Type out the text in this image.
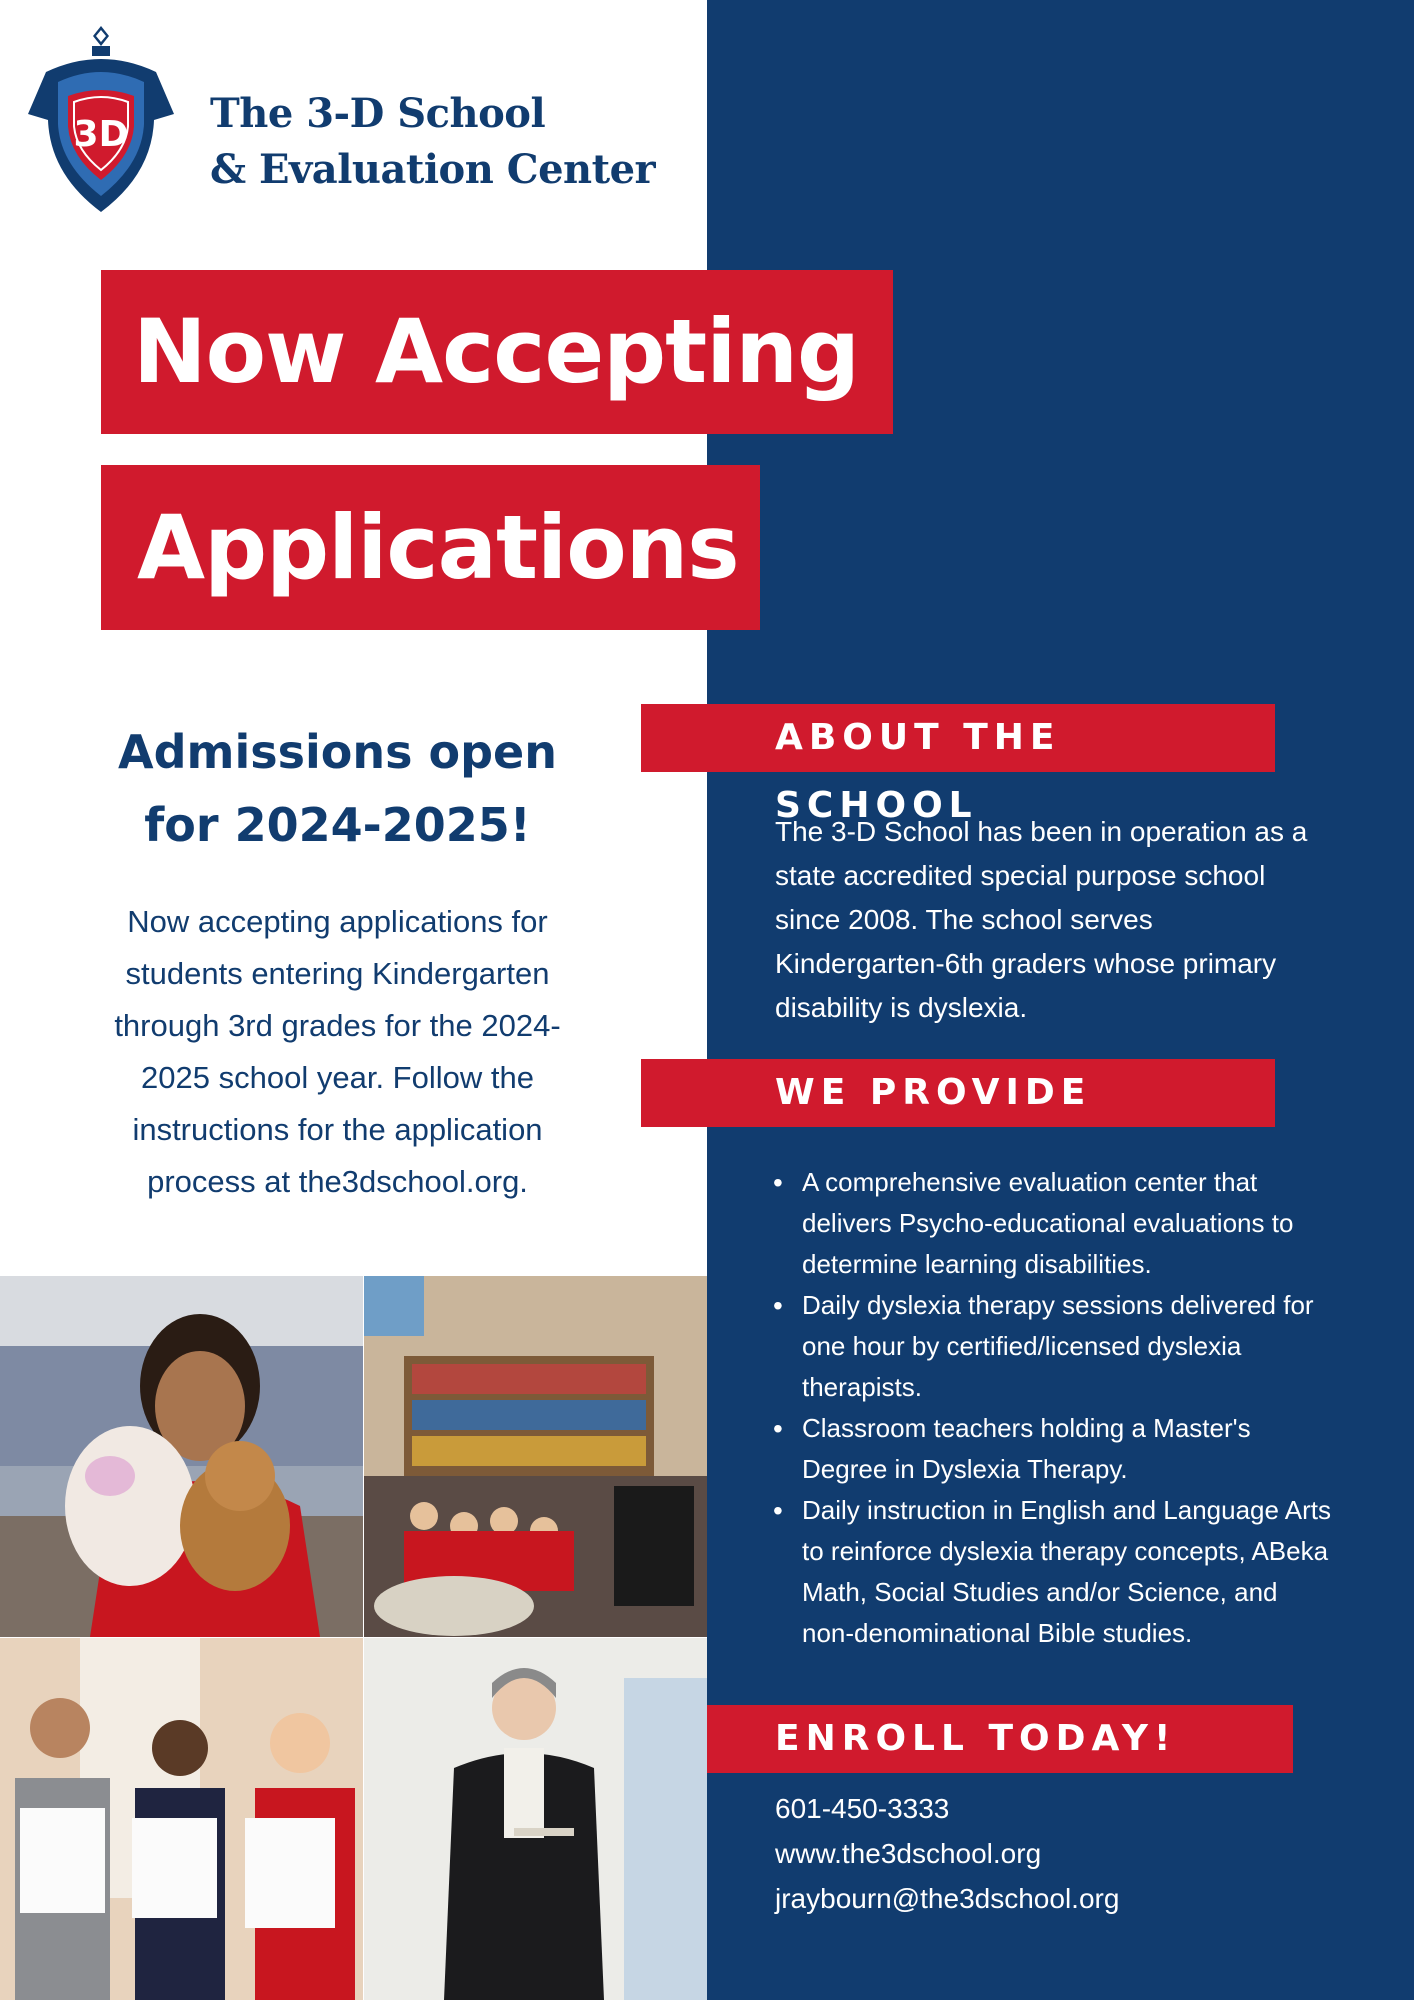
3D The 3-D School
& Evaluation Center
Now Accepting
Applications
Admissions open
for 2024-2025!
Now accepting applications for students entering Kindergarten through 3rd grades for the 2024-2025 school year. Follow the instructions for the application process at the3dschool.org.
ABOUT THE SCHOOL
The 3-D School has been in operation as a state accredited special purpose school since 2008. The school serves Kindergarten-6th graders whose primary disability is dyslexia.
WE PROVIDE
• A comprehensive evaluation center that delivers Psycho-educational evaluations to determine learning disabilities.
• Daily dyslexia therapy sessions delivered for one hour by certified/licensed dyslexia therapists.
• Classroom teachers holding a Master's Degree in Dyslexia Therapy.
• Daily instruction in English and Language Arts to reinforce dyslexia therapy concepts, ABeka Math, Social Studies and/or Science, and non-denominational Bible studies.
ENROLL TODAY!
601-450-3333
www.the3dschool.org
jraybourn@the3dschool.org
